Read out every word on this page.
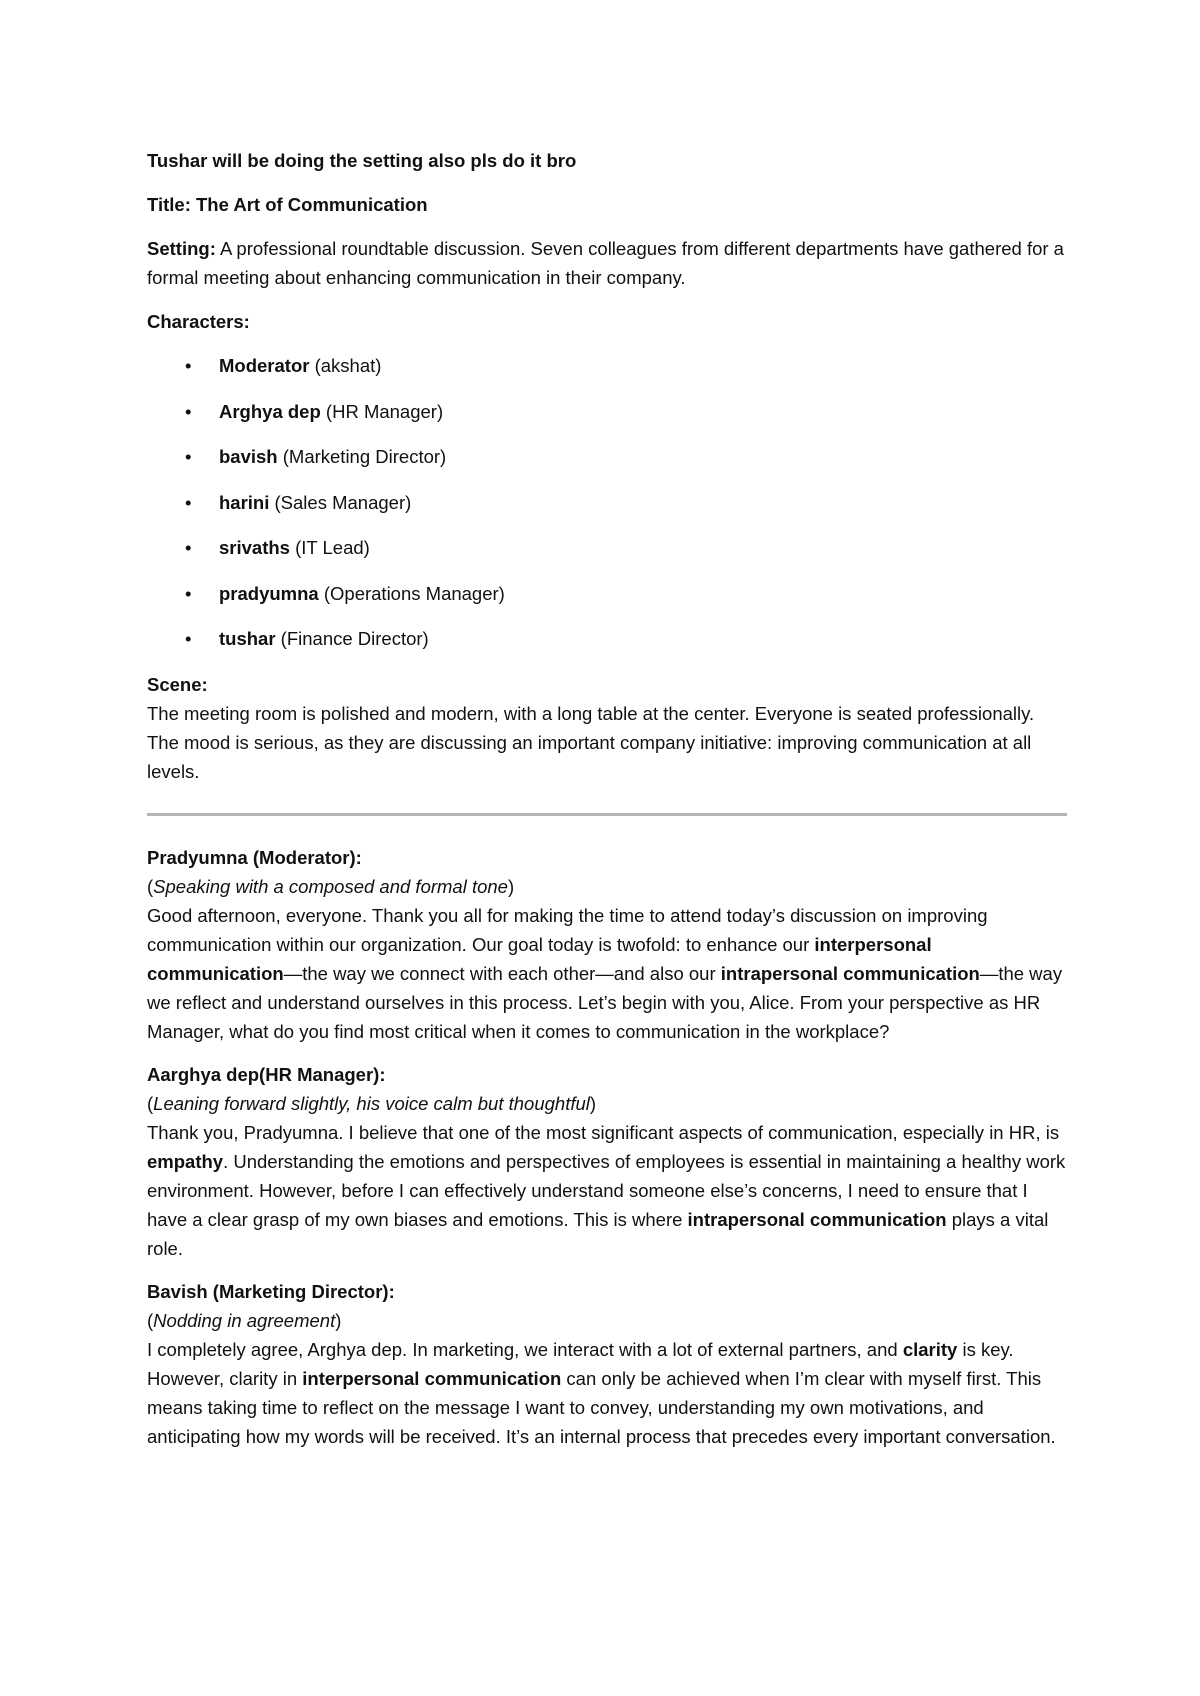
Tushar will be doing the setting also pls do it bro

Title: The Art of Communication

Setting: A professional roundtable discussion. Seven colleagues from different departments have gathered for a formal meeting about enhancing communication in their company.

Characters:

• Moderator (akshat)
• Arghya dep (HR Manager)
• bavish (Marketing Director)
• harini (Sales Manager)
• srivaths (IT Lead)
• pradyumna (Operations Manager)
• tushar (Finance Director)
Scene:
The meeting room is polished and modern, with a long table at the center. Everyone is seated professionally. The mood is serious, as they are discussing an important company initiative: improving communication at all levels.
Pradyumna (Moderator):
(Speaking with a composed and formal tone)
Good afternoon, everyone. Thank you all for making the time to attend today’s discussion on improving communication within our organization. Our goal today is twofold: to enhance our interpersonal communication—the way we connect with each other—and also our intrapersonal communication—the way we reflect and understand ourselves in this process. Let’s begin with you, Alice. From your perspective as HR Manager, what do you find most critical when it comes to communication in the workplace?
Aarghya dep(HR Manager):
(Leaning forward slightly, his voice calm but thoughtful)
Thank you, Pradyumna. I believe that one of the most significant aspects of communication, especially in HR, is empathy. Understanding the emotions and perspectives of employees is essential in maintaining a healthy work environment. However, before I can effectively understand someone else’s concerns, I need to ensure that I have a clear grasp of my own biases and emotions. This is where intrapersonal communication plays a vital role.
Bavish (Marketing Director):
(Nodding in agreement)
I completely agree, Arghya dep. In marketing, we interact with a lot of external partners, and clarity is key. However, clarity in interpersonal communication can only be achieved when I’m clear with myself first. This means taking time to reflect on the message I want to convey, understanding my own motivations, and anticipating how my words will be received. It’s an internal process that precedes every important conversation.
